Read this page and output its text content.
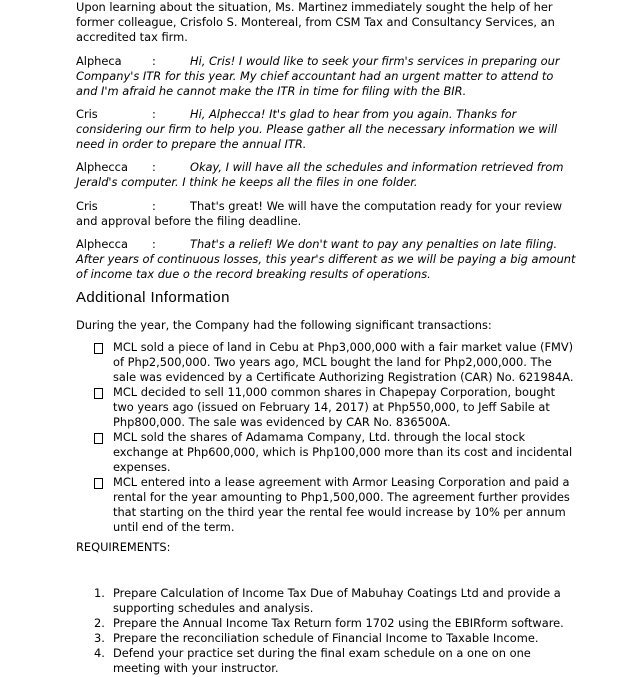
Upon learning about the situation, Ms. Martinez immediately sought the help of her former colleague, Crisfolo S. Montereal, from CSM Tax and Consultancy Services, an accredited tax firm.
Alpheca	:	Hi, Cris! I would like to seek your firm's services in preparing our Company's ITR for this year. My chief accountant had an urgent matter to attend to and I'm afraid he cannot make the ITR in time for filing with the BIR.
Cris	:	Hi, Alphecca! It's glad to hear from you again. Thanks for considering our firm to help you. Please gather all the necessary information we will need in order to prepare the annual ITR.
Alphecca :	Okay, I will have all the schedules and information retrieved from Jerald's computer. I think he keeps all the files in one folder.
Cris	:	That's great! We will have the computation ready for your review and approval before the filing deadline.
Alphecca :	That's a relief! We don't want to pay any penalties on late filing. After years of continuous losses, this year's different as we will be paying a big amount of income tax due o the record breaking results of operations.
Additional Information
During the year, the Company had the following significant transactions:
MCL sold a piece of land in Cebu at Php3,000,000 with a fair market value (FMV) of Php2,500,000. Two years ago, MCL bought the land for Php2,000,000. The sale was evidenced by a Certificate Authorizing Registration (CAR) No. 621984A.
MCL decided to sell 11,000 common shares in Chapepay Corporation, bought two years ago (issued on February 14, 2017) at Php550,000, to Jeff Sabile at Php800,000. The sale was evidenced by CAR No. 836500A.
MCL sold the shares of Adamama Company, Ltd. through the local stock exchange at Php600,000, which is Php100,000 more than its cost and incidental expenses.
MCL entered into a lease agreement with Armor Leasing Corporation and paid a rental for the year amounting to Php1,500,000. The agreement further provides that starting on the third year the rental fee would increase by 10% per annum until end of the term.
REQUIREMENTS:
1. Prepare Calculation of Income Tax Due of Mabuhay Coatings Ltd and provide a supporting schedules and analysis.
2. Prepare the Annual Income Tax Return form 1702 using the EBIRform software.
3. Prepare the reconciliation schedule of Financial Income to Taxable Income.
4. Defend your practice set during the final exam schedule on a one on one meeting with your instructor.
